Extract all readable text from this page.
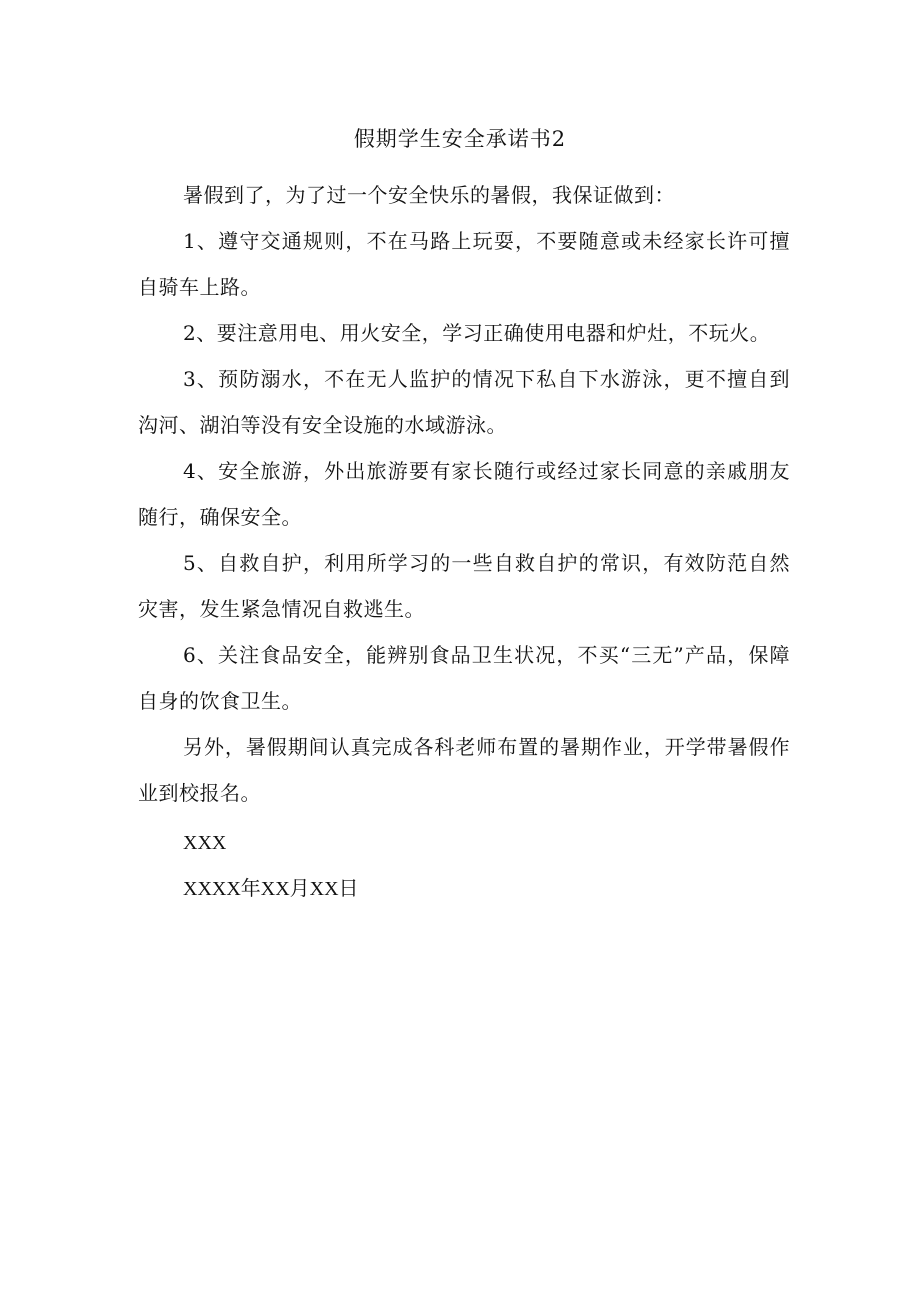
假期学生安全承诺书2

暑假到了，为了过一个安全快乐的暑假，我保证做到：

1、遵守交通规则，不在马路上玩耍，不要随意或未经家长许可擅自骑车上路。

2、要注意用电、用火安全，学习正确使用电器和炉灶，不玩火。

3、预防溺水，不在无人监护的情况下私自下水游泳，更不擅自到沟河、湖泊等没有安全设施的水域游泳。

4、安全旅游，外出旅游要有家长随行或经过家长同意的亲戚朋友随行，确保安全。

5、自救自护，利用所学习的一些自救自护的常识，有效防范自然灾害，发生紧急情况自救逃生。

6、关注食品安全，能辨别食品卫生状况，不买“三无”产品，保障自身的饮食卫生。

另外，暑假期间认真完成各科老师布置的暑期作业，开学带暑假作业到校报名。

XXX

XXXX年XX月XX日
